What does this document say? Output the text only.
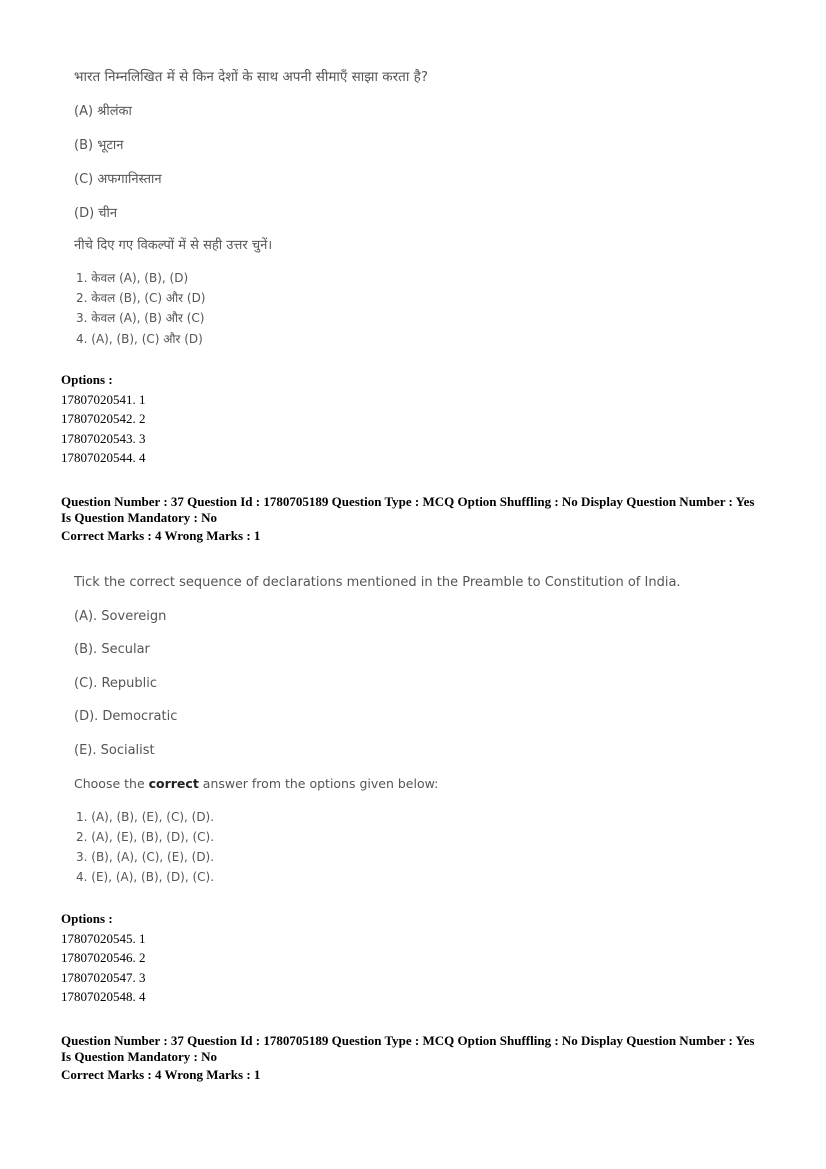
भारत निम्नलिखित में से किन देशों के साथ अपनी सीमाएँ साझा करता है?
(A) श्रीलंका
(B) भूटान
(C) अफगानिस्तान
(D) चीन
नीचे दिए गए विकल्पों में से सही उत्तर चुनें।
1. केवल (A), (B), (D)
2. केवल (B), (C) और (D)
3. केवल (A), (B) और (C)
4. (A), (B), (C) और (D)
Options :
17807020541. 1
17807020542. 2
17807020543. 3
17807020544. 4
Question Number : 37 Question Id : 1780705189 Question Type : MCQ Option Shuffling : No Display Question Number : Yes
Is Question Mandatory : No
Correct Marks : 4 Wrong Marks : 1
Tick the correct sequence of declarations mentioned in the Preamble to Constitution of India.
(A). Sovereign
(B). Secular
(C). Republic
(D). Democratic
(E). Socialist
Choose the correct answer from the options given below:
1. (A), (B), (E), (C), (D).
2. (A), (E), (B), (D), (C).
3. (B), (A), (C), (E), (D).
4. (E), (A), (B), (D), (C).
Options :
17807020545. 1
17807020546. 2
17807020547. 3
17807020548. 4
Question Number : 37 Question Id : 1780705189 Question Type : MCQ Option Shuffling : No Display Question Number : Yes
Is Question Mandatory : No
Correct Marks : 4 Wrong Marks : 1
